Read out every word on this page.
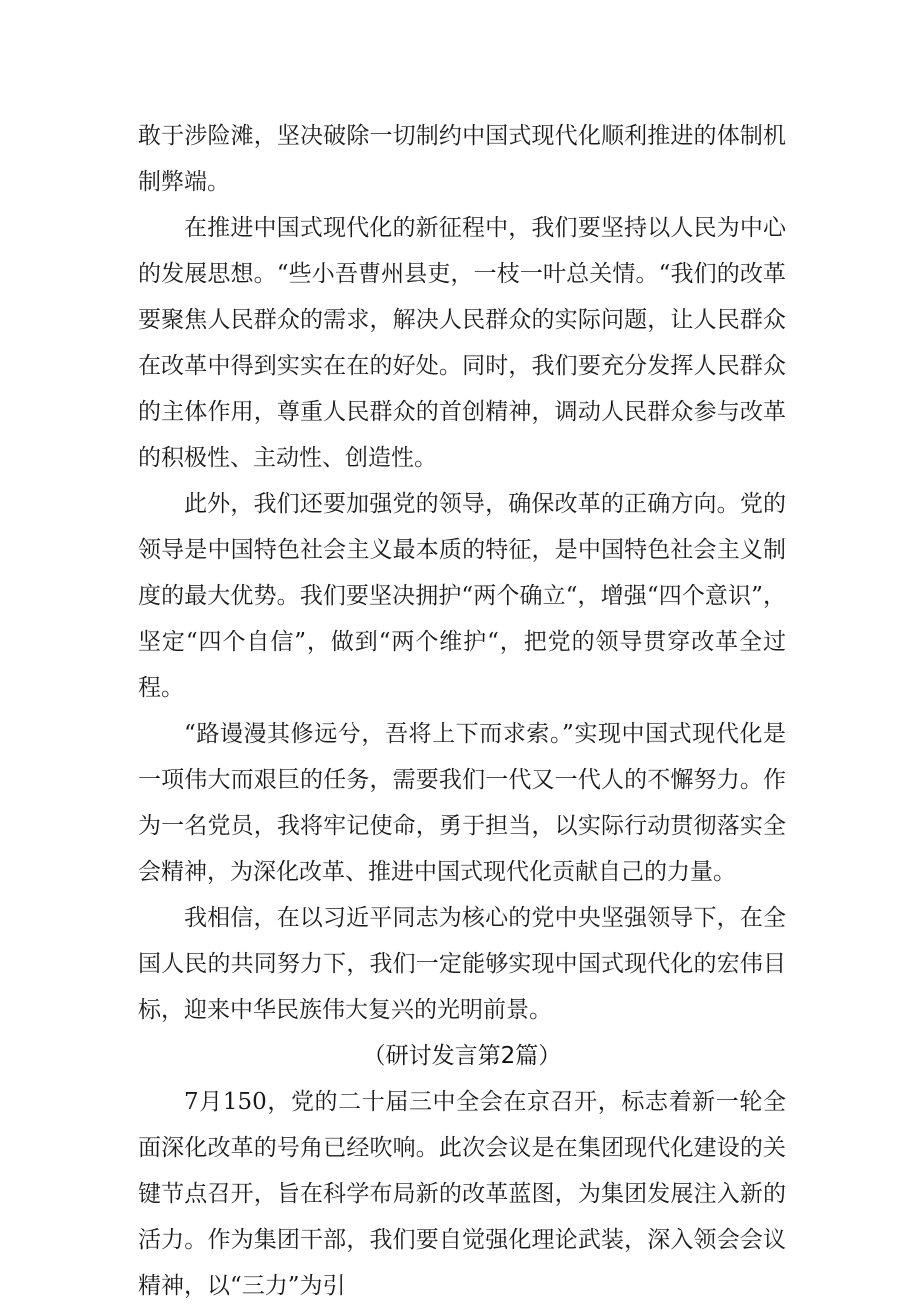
敢于涉险滩，坚决破除一切制约中国式现代化顺利推进的体制机制弊端。

在推进中国式现代化的新征程中，我们要坚持以人民为中心的发展思想。“些小吾曹州县吏，一枝一叶总关情。“我们的改革要聚焦人民群众的需求，解决人民群众的实际问题，让人民群众在改革中得到实实在在的好处。同时，我们要充分发挥人民群众的主体作用，尊重人民群众的首创精神，调动人民群众参与改革的积极性、主动性、创造性。

此外，我们还要加强党的领导，确保改革的正确方向。党的领导是中国特色社会主义最本质的特征，是中国特色社会主义制度的最大优势。我们要坚决拥护“两个确立“，增强“四个意识”，坚定“四个自信”，做到“两个维护“，把党的领导贯穿改革全过程。

“路谩漫其修远兮，吾将上下而求索。”实现中国式现代化是一项伟大而艰巨的任务，需要我们一代又一代人的不懈努力。作为一名党员，我将牢记使命，勇于担当，以实际行动贯彻落实全会精神，为深化改革、推进中国式现代化贡献自己的力量。

我相信，在以习近平同志为核心的党中央坚强领导下，在全国人民的共同努力下，我们一定能够实现中国式现代化的宏伟目标，迎来中华民族伟大复兴的光明前景。

（研讨发言第2篇）

7月150，党的二十届三中全会在京召开，标志着新一轮全面深化改革的号角已经吹响。此次会议是在集团现代化建设的关键节点召开，旨在科学布局新的改革蓝图，为集团发展注入新的活力。作为集团干部，我们要自觉强化理论武装，深入领会会议精神，以“三力”为引
